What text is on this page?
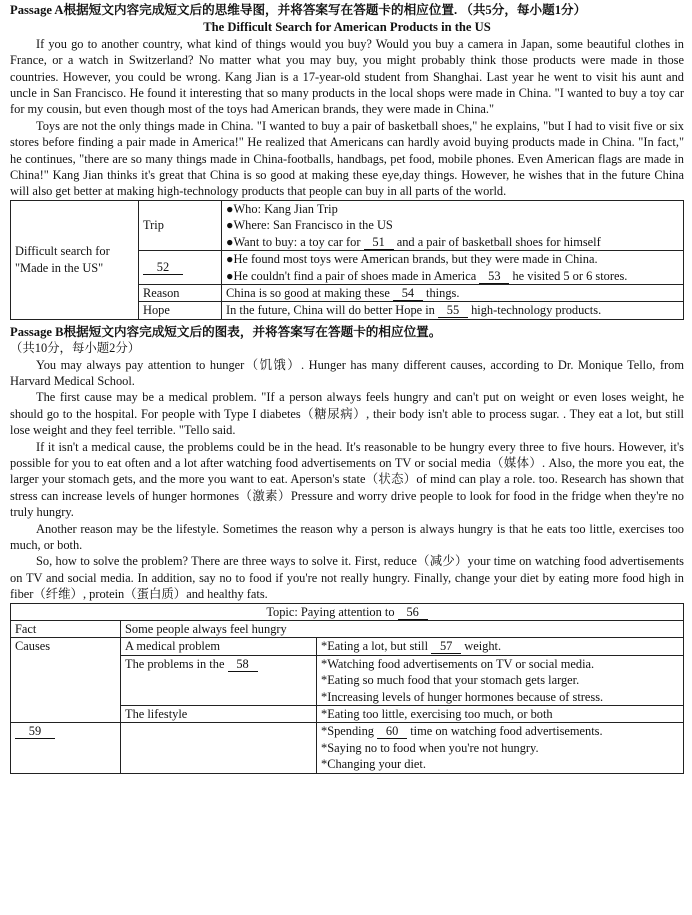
Passage A根据短文内容完成短文后的思维导图，并将答案写在答题卡的相应位置. （共5分，每小题1分）
The Difficult Search for American Products in the US

If you go to another country, what kind of things would you buy? Would you buy a camera in Japan, some beautiful clothes in France, or a watch in Switzerland? No matter what you may buy, you might probably think those products were made in those countries. However, you could be wrong. Kang Jian is a 17-year-old student from Shanghai. Last year he went to visit his aunt and uncle in San Francisco. He found it interesting that so many products in the local shops were made in China. "I wanted to buy a toy car for my cousin, but even though most of the toys had American brands, they were made in China."

Toys are not the only things made in China. "I wanted to buy a pair of basketball shoes," he explains, "but I had to visit five or six stores before finding a pair made in America!" He realized that Americans can hardly avoid buying products made in China. "In fact," he continues, "there are so many things made in China-footballs, handbags, pet food, mobile phones. Even American flags are made in China!" Kang Jian thinks it's great that China is so good at making these eye,day things. However, he wishes that in the future China will also get better at making high-technology products that people can buy in all parts of the world.

Difficult search for "Made in the US"	Trip	●Who: Kang Jian Trip
●Where: San Francisco in the US
●Want to buy: a toy car for 51 and a pair of basketball shoes for himself

	52	●He found most toys were American brands, but they were made in China.
●He couldn't find a pair of shoes made in America 53 he visited 5 or 6 stores.

	Reason	China is so good at making these 54 things.
	Hope	In the future, China will do better Hope in 55 high-technology products.
Passage B根据短文内容完成短文后的图表，并将答案写在答题卡的相应位置。
（共10分，每小题2分）

You may always pay attention to hunger（饥饿）. Hunger has many different causes, according to Dr. Monique Tello, from Harvard Medical School.

The first cause may be a medical problem. "If a person always feels hungry and can't put on weight or even loses weight, he should go to the hospital. For people with Type I diabetes（糖尿病）, their body isn't able to process sugar. . They eat a lot, but still lose weight and they feel terrible. "Tello said.

If it isn't a medical cause, the problems could be in the head. It's reasonable to be hungry every three to five hours. However, it's possible for you to eat often and a lot after watching food advertisements on TV or social media（媒体）. Also, the more you eat, the larger your stomach gets, and the more you want to eat. Aperson's state（状态）of mind can play a role. too. Research has shown that stress can increase levels of hunger hormones（激素）Pressure and worry drive people to look for food in the fridge when they're no truly hungry.

Another reason may be the lifestyle. Sometimes the reason why a person is always hungry is that he eats too little, exercises too much, or both.

So, how to solve the problem? There are three ways to solve it. First, reduce（减少）your time on watching food advertisements on TV and social media. In addition, say no to food if you're not really hungry. Finally, change your diet by eating more food high in fiber（纤维）, protein（蛋白质）and healthy fats.

Topic: Paying attention to 56		
Fact	Some people always feel hungry	
Causes	A medical problem	*Eating a lot, but still 57 weight.
	The problems in the 58	*Watching food advertisements on TV or social media.
*Eating so much food that your stomach gets larger.
*Increasing levels of hunger hormones because of stress.

	The lifestyle	*Eating too little, exercising too much, or both
59		*Spending 60 time on watching food advertisements.
*Saying no to food when you're not hungry.
*Changing your diet.
